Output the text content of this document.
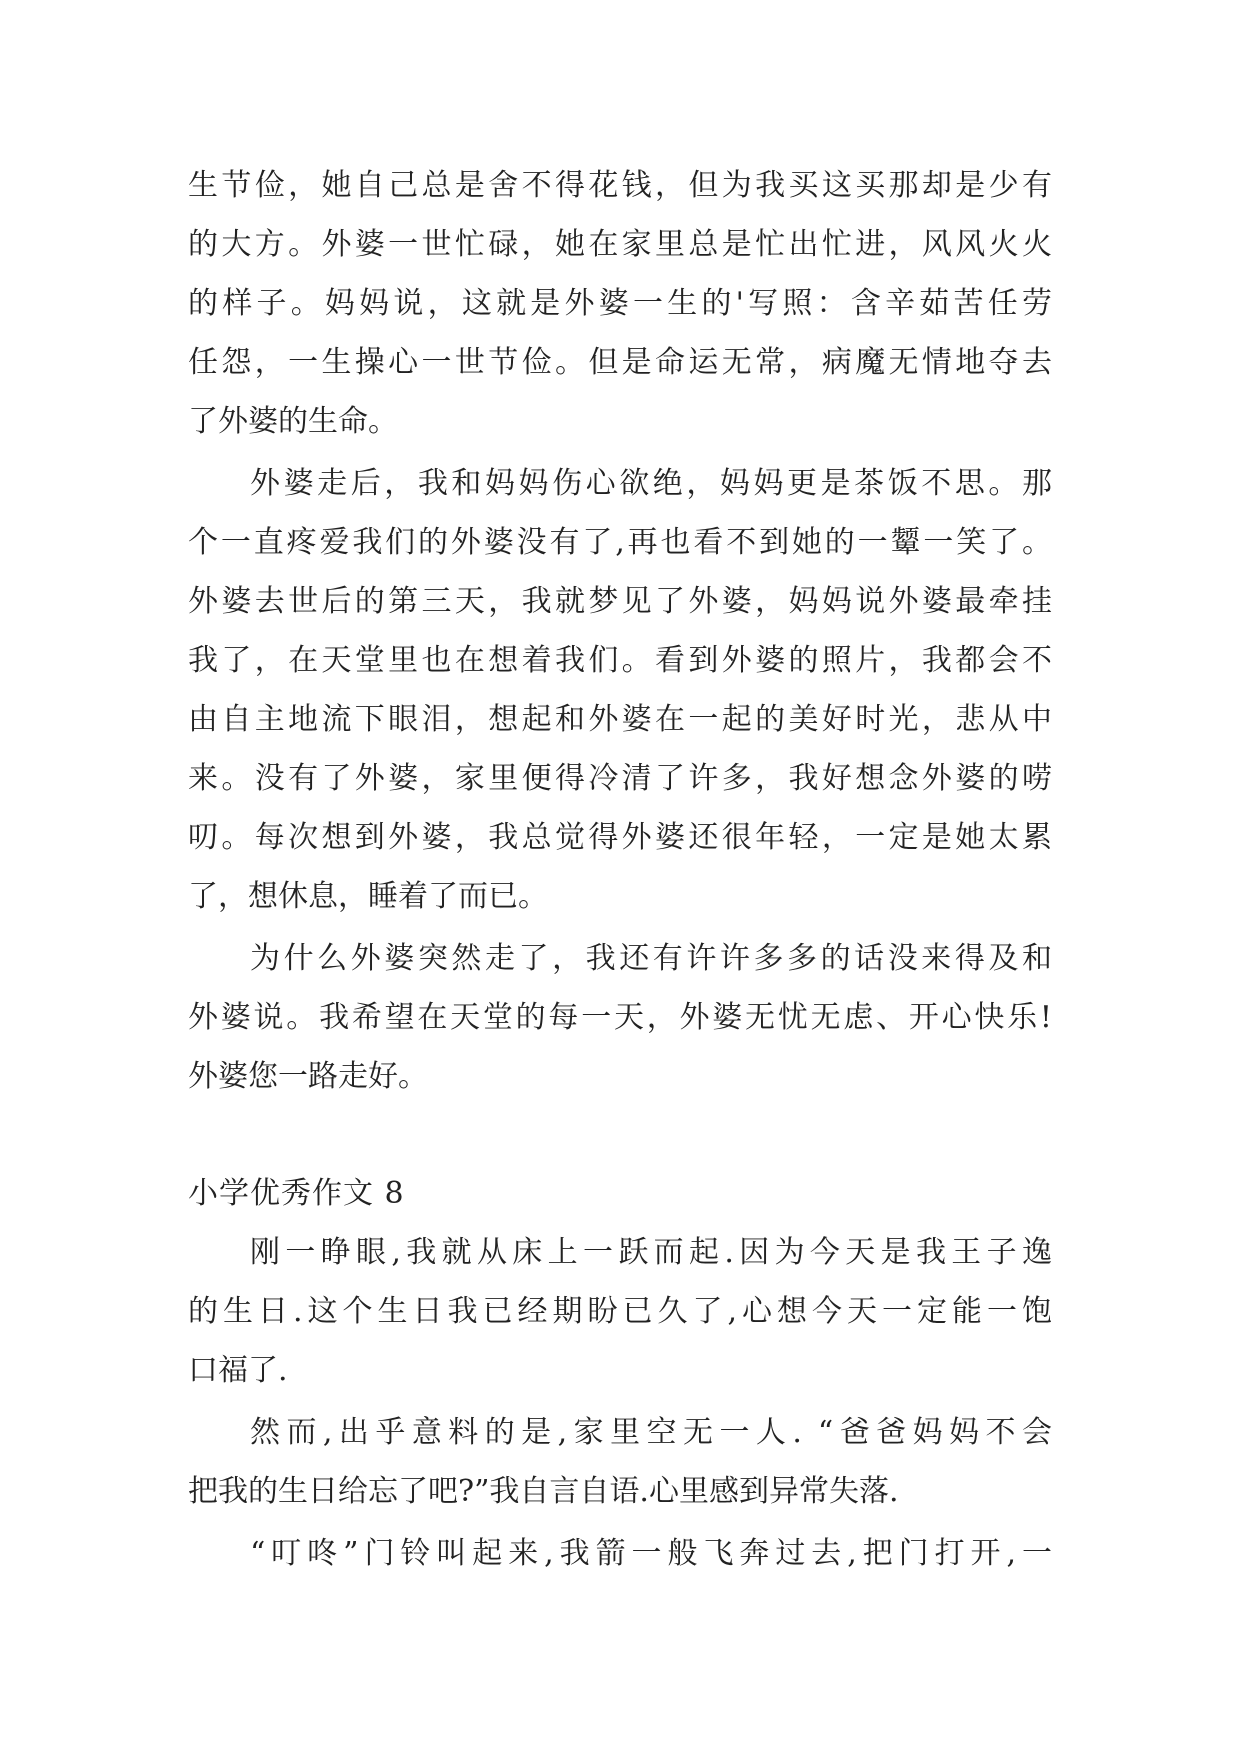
生节俭，她自己总是舍不得花钱，但为我买这买那却是少有
的大方。外婆一世忙碌，她在家里总是忙出忙进，风风火火
的样子。妈妈说，这就是外婆一生的'写照：含辛茹苦任劳
任怨，一生操心一世节俭。但是命运无常，病魔无情地夺去
了外婆的生命。
外婆走后，我和妈妈伤心欲绝，妈妈更是茶饭不思。那
个一直疼爱我们的外婆没有了,再也看不到她的一颦一笑了。
外婆去世后的第三天，我就梦见了外婆，妈妈说外婆最牵挂
我了，在天堂里也在想着我们。看到外婆的照片，我都会不
由自主地流下眼泪，想起和外婆在一起的美好时光，悲从中
来。没有了外婆，家里便得冷清了许多，我好想念外婆的唠
叨。每次想到外婆，我总觉得外婆还很年轻，一定是她太累
了，想休息，睡着了而已。
为什么外婆突然走了，我还有许许多多的话没来得及和
外婆说。我希望在天堂的每一天，外婆无忧无虑、开心快乐!
外婆您一路走好。
小学优秀作文 8
刚一睁眼,我就从床上一跃而起.因为今天是我王子逸
的生日.这个生日我已经期盼已久了,心想今天一定能一饱
口福了.
然而,出乎意料的是,家里空无一人. “爸爸妈妈不会
把我的生日给忘了吧?”我自言自语.心里感到异常失落.
“叮咚”门铃叫起来,我箭一般飞奔过去,把门打开,一
